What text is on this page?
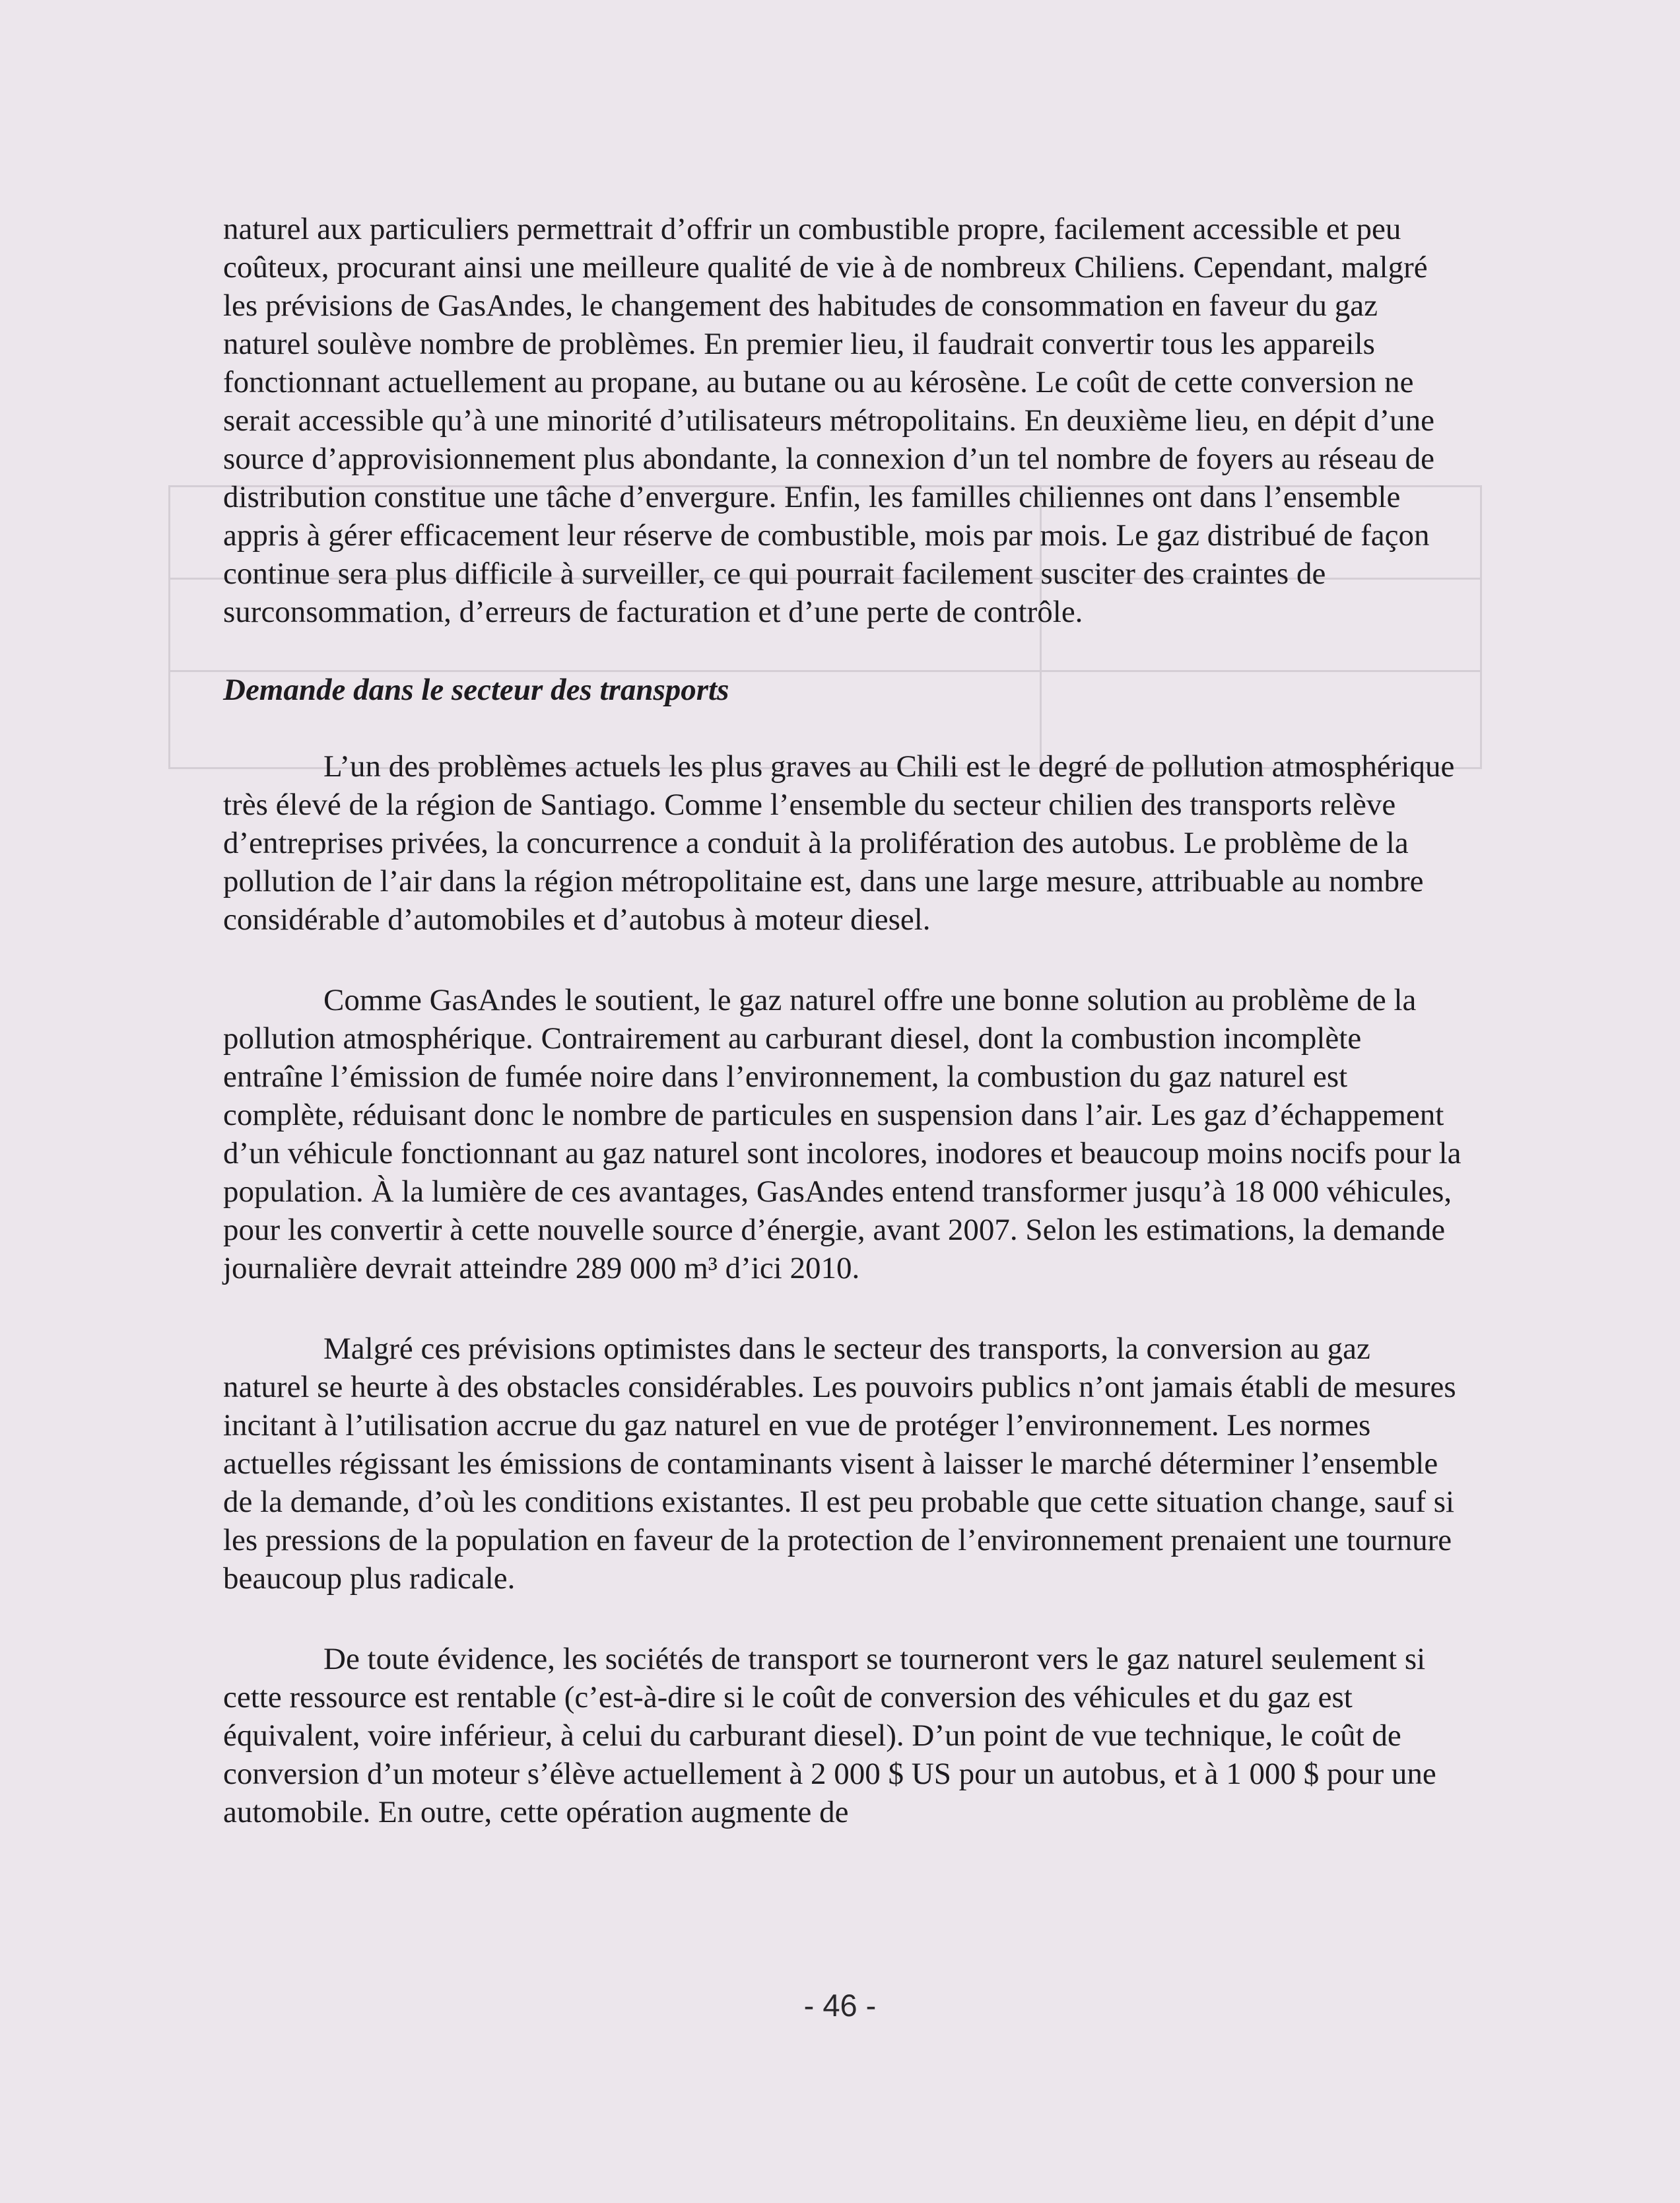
naturel aux particuliers permettrait d’offrir un combustible propre, facilement accessible et peu coûteux, procurant ainsi une meilleure qualité de vie à de nombreux Chiliens. Cependant, malgré les prévisions de GasAndes, le changement des habitudes de consommation en faveur du gaz naturel soulève nombre de problèmes. En premier lieu, il faudrait convertir tous les appareils fonctionnant actuellement au propane, au butane ou au kérosène. Le coût de cette conversion ne serait accessible qu’à une minorité d’utilisateurs métropolitains. En deuxième lieu, en dépit d’une source d’approvisionnement plus abondante, la connexion d’un tel nombre de foyers au réseau de distribution constitue une tâche d’envergure. Enfin, les familles chiliennes ont dans l’ensemble appris à gérer efficacement leur réserve de combustible, mois par mois. Le gaz distribué de façon continue sera plus difficile à surveiller, ce qui pourrait facilement susciter des craintes de surconsommation, d’erreurs de facturation et d’une perte de contrôle.

Demande dans le secteur des transports

L’un des problèmes actuels les plus graves au Chili est le degré de pollution atmosphérique très élevé de la région de Santiago. Comme l’ensemble du secteur chilien des transports relève d’entreprises privées, la concurrence a conduit à la prolifération des autobus. Le problème de la pollution de l’air dans la région métropolitaine est, dans une large mesure, attribuable au nombre considérable d’automobiles et d’autobus à moteur diesel.

Comme GasAndes le soutient, le gaz naturel offre une bonne solution au problème de la pollution atmosphérique. Contrairement au carburant diesel, dont la combustion incomplète entraîne l’émission de fumée noire dans l’environnement, la combustion du gaz naturel est complète, réduisant donc le nombre de particules en suspension dans l’air. Les gaz d’échappement d’un véhicule fonctionnant au gaz naturel sont incolores, inodores et beaucoup moins nocifs pour la population. À la lumière de ces avantages, GasAndes entend transformer jusqu’à 18 000 véhicules, pour les convertir à cette nouvelle source d’énergie, avant 2007. Selon les estimations, la demande journalière devrait atteindre 289 000 m³ d’ici 2010.

Malgré ces prévisions optimistes dans le secteur des transports, la conversion au gaz naturel se heurte à des obstacles considérables. Les pouvoirs publics n’ont jamais établi de mesures incitant à l’utilisation accrue du gaz naturel en vue de protéger l’environnement. Les normes actuelles régissant les émissions de contaminants visent à laisser le marché déterminer l’ensemble de la demande, d’où les conditions existantes. Il est peu probable que cette situation change, sauf si les pressions de la population en faveur de la protection de l’environnement prenaient une tournure beaucoup plus radicale.

De toute évidence, les sociétés de transport se tourneront vers le gaz naturel seulement si cette ressource est rentable (c’est-à-dire si le coût de conversion des véhicules et du gaz est équivalent, voire inférieur, à celui du carburant diesel). D’un point de vue technique, le coût de conversion d’un moteur s’élève actuellement à 2 000 $ US pour un autobus, et à 1 000 $ pour une automobile. En outre, cette opération augmente de

- 46 -
